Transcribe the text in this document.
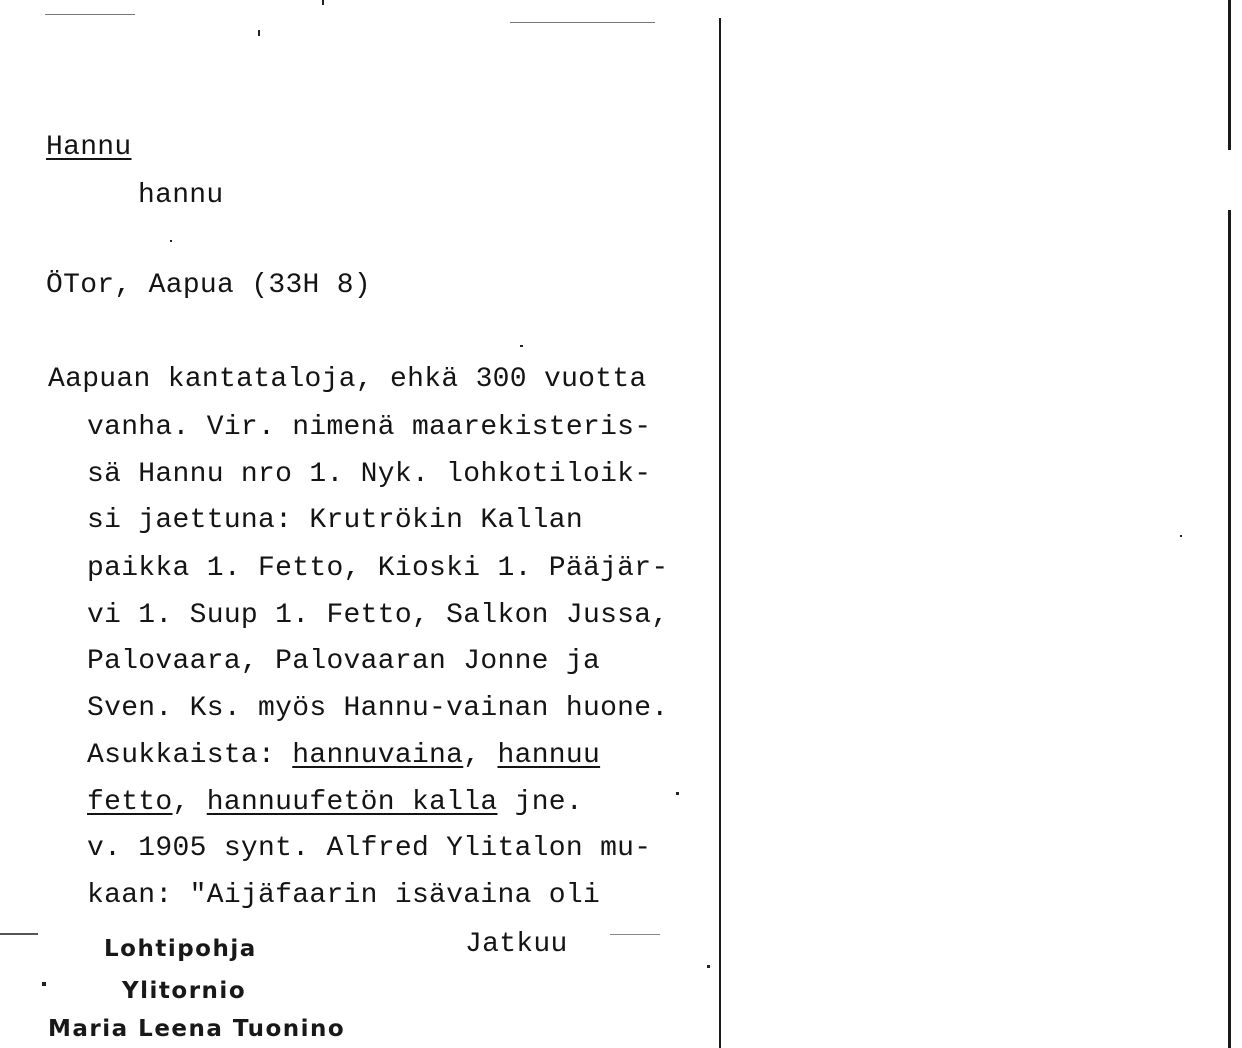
Hannu
hannu
ÖTor, Aapua (33H 8)
Aapuan kantataloja, ehkä 300 vuotta
vanha. Vir. nimenä maarekisteris-
sä Hannu nro 1. Nyk. lohkotiloik-
si jaettuna: Krutrökin Kallan
paikka 1. Fetto, Kioski 1. Pääjär-
vi 1. Suup 1. Fetto, Salkon Jussa,
Palovaara, Palovaaran Jonne ja
Sven. Ks. myös Hannu-vainan huone.
Asukkaista: hannuvaina, hannuu
fetto, hannuufetön kalla jne.
v. 1905 synt. Alfred Ylitalon mu-
kaan: "Aijäfaarin isävaina oli
Jatkuu
Lohtipohja
Ylitornio
Maria Leena Tuonino
